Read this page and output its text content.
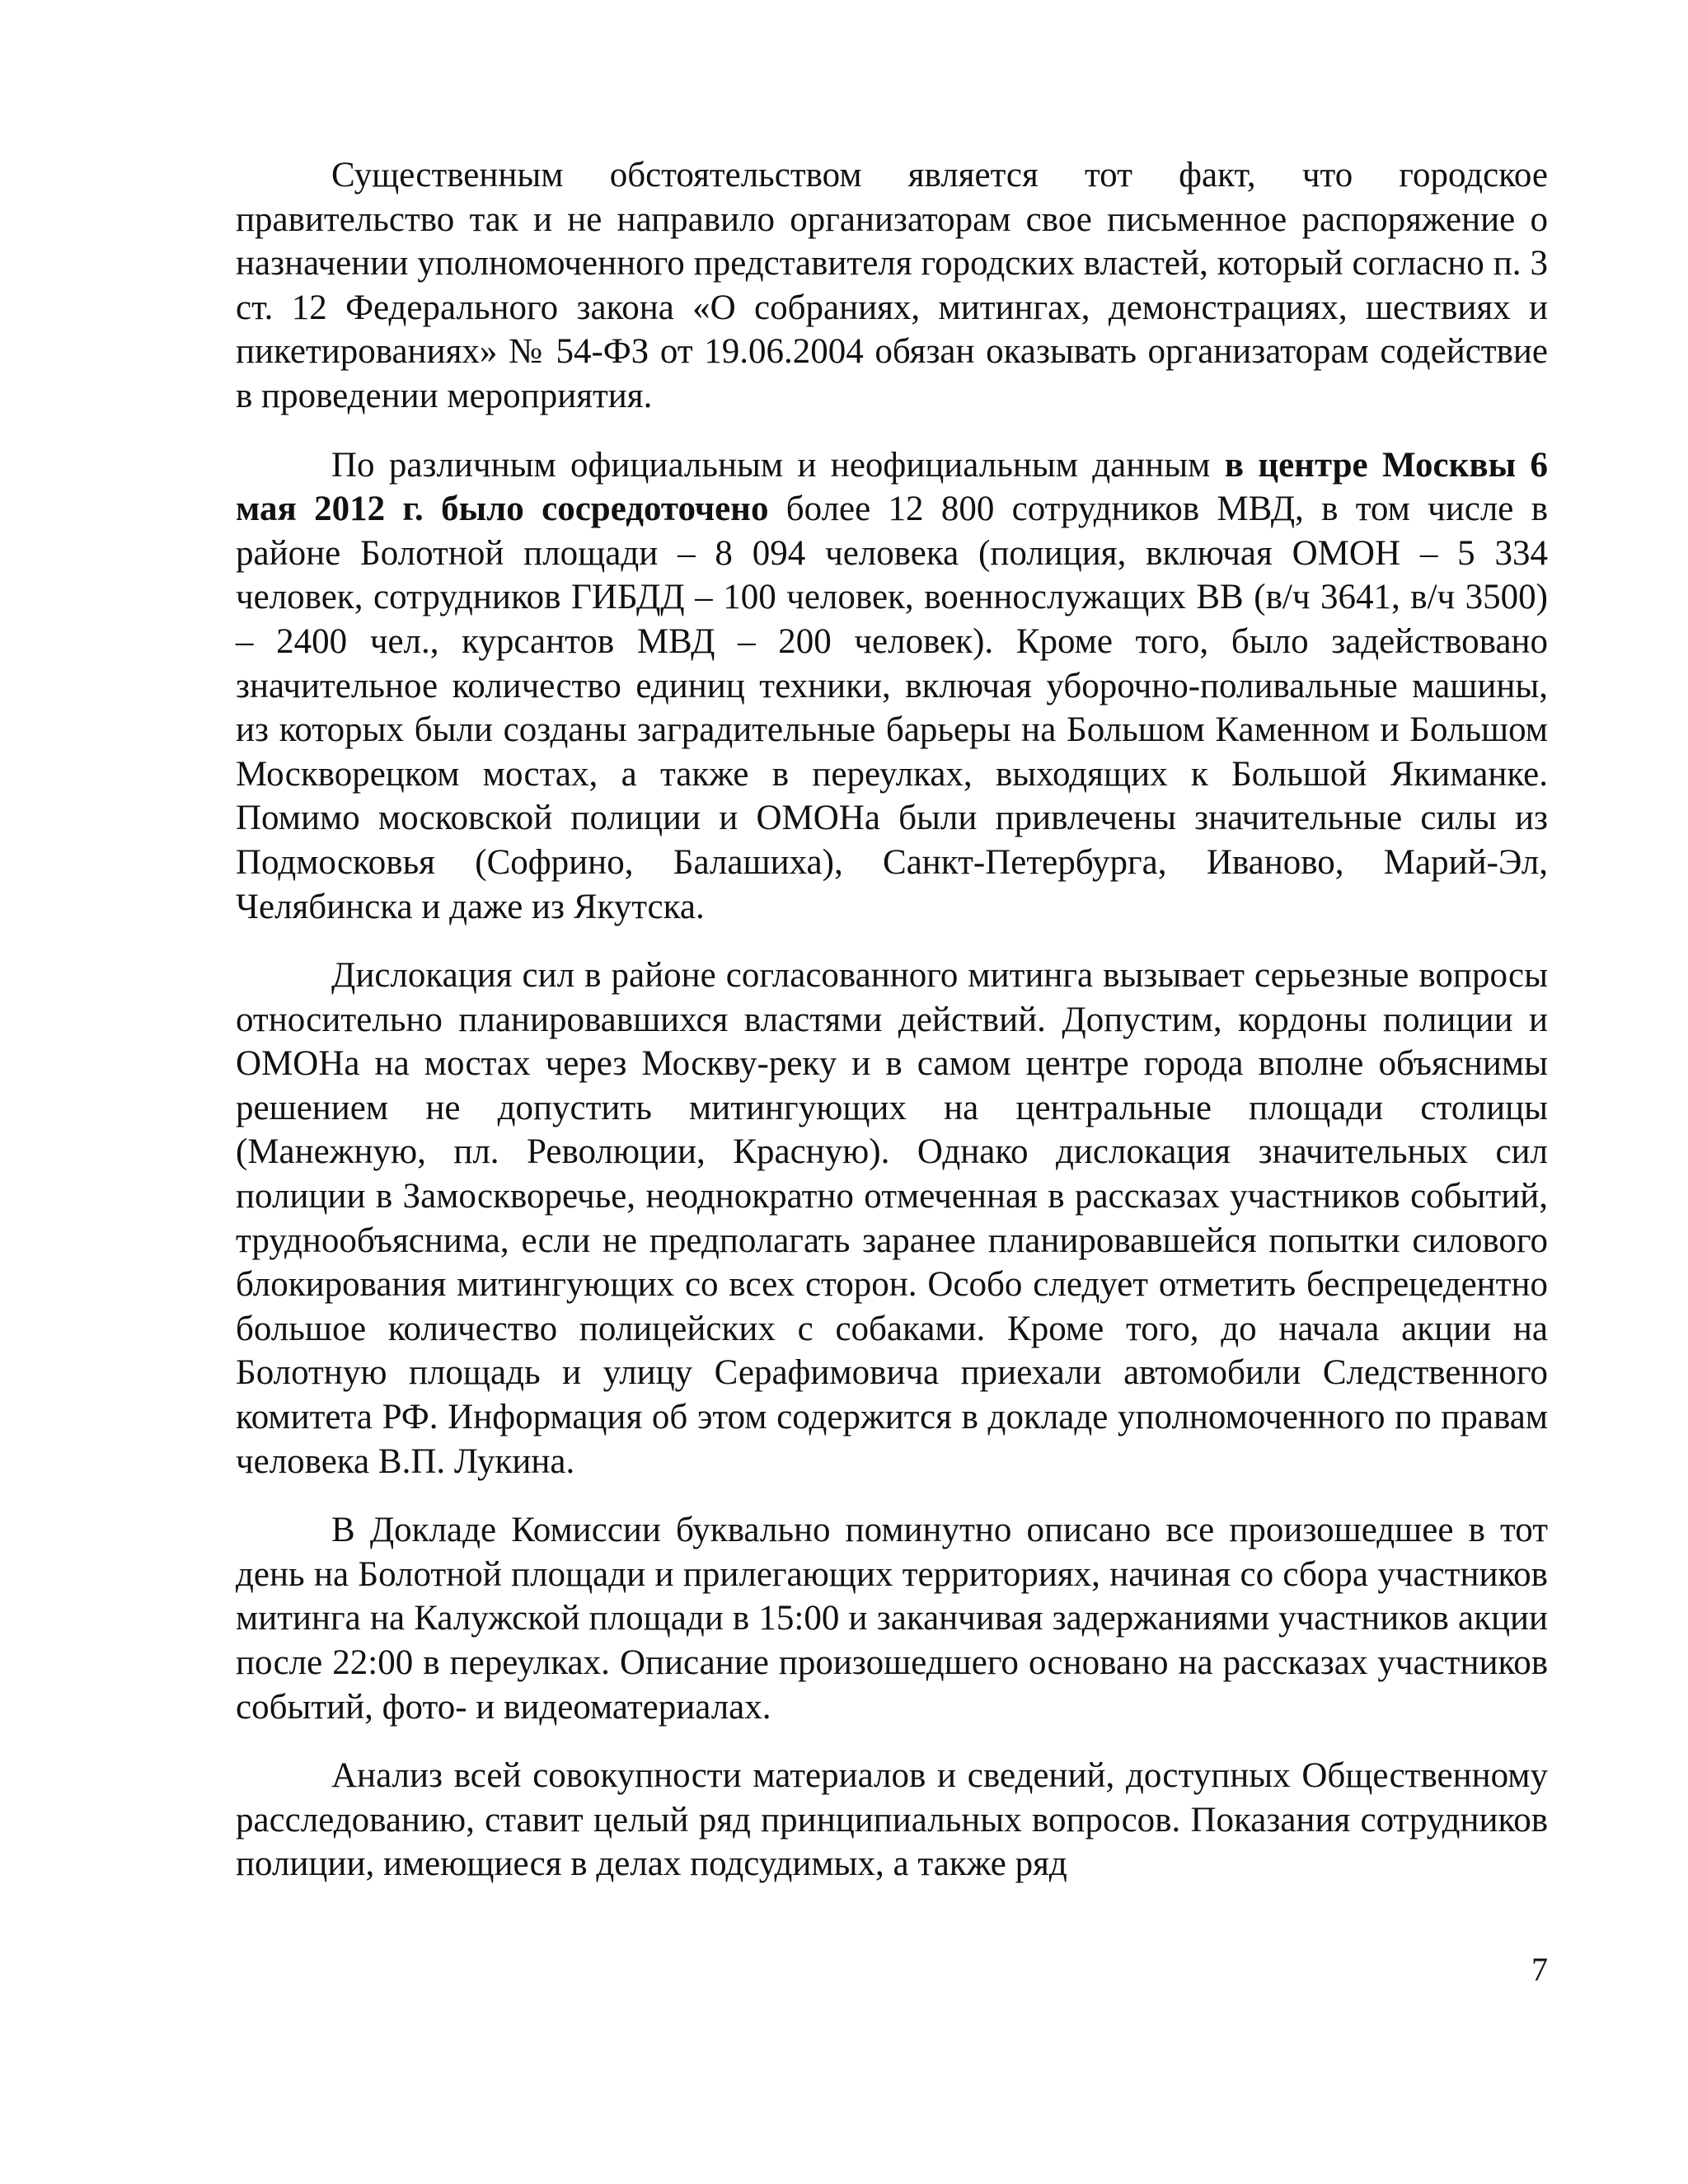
Существенным обстоятельством является тот факт, что городское правительство так и не направило организаторам свое письменное распоряжение о назначении уполномоченного представителя городских властей, который согласно п. 3 ст. 12 Федерального закона «О собраниях, митингах, демонстрациях, шествиях и пикетированиях» № 54-ФЗ от 19.06.2004 обязан оказывать организаторам содействие в проведении мероприятия.

По различным официальным и неофициальным данным в центре Москвы 6 мая 2012 г. было сосредоточено более 12 800 сотрудников МВД, в том числе в районе Болотной площади – 8 094 человека (полиция, включая ОМОН – 5 334 человек, сотрудников ГИБДД – 100 человек, военнослужащих ВВ (в/ч 3641, в/ч 3500) – 2400 чел., курсантов МВД – 200 человек). Кроме того, было задействовано значительное количество единиц техники, включая уборочно-поливальные машины, из которых были созданы заградительные барьеры на Большом Каменном и Большом Москворецком мостах, а также в переулках, выходящих к Большой Якиманке. Помимо московской полиции и ОМОНа были привлечены значительные силы из Подмосковья (Софрино, Балашиха), Санкт-Петербурга, Иваново, Марий-Эл, Челябинска и даже из Якутска.

Дислокация сил в районе согласованного митинга вызывает серьезные вопросы относительно планировавшихся властями действий. Допустим, кордоны полиции и ОМОНа на мостах через Москву-реку и в самом центре города вполне объяснимы решением не допустить митингующих на центральные площади столицы (Манежную, пл. Революции, Красную). Однако дислокация значительных сил полиции в Замоскворечье, неоднократно отмеченная в рассказах участников событий, труднообъяснима, если не предполагать заранее планировавшейся попытки силового блокирования митингующих со всех сторон. Особо следует отметить беспрецедентно большое количество полицейских с собаками. Кроме того, до начала акции на Болотную площадь и улицу Серафимовича приехали автомобили Следственного комитета РФ. Информация об этом содержится в докладе уполномоченного по правам человека В.П. Лукина.

В Докладе Комиссии буквально поминутно описано все произошедшее в тот день на Болотной площади и прилегающих территориях, начиная со сбора участников митинга на Калужской площади в 15:00 и заканчивая задержаниями участников акции после 22:00 в переулках. Описание произошедшего основано на рассказах участников событий, фото- и видеоматериалах.

Анализ всей совокупности материалов и сведений, доступных Общественному расследованию, ставит целый ряд принципиальных вопросов. Показания сотрудников полиции, имеющиеся в делах подсудимых, а также ряд

7
